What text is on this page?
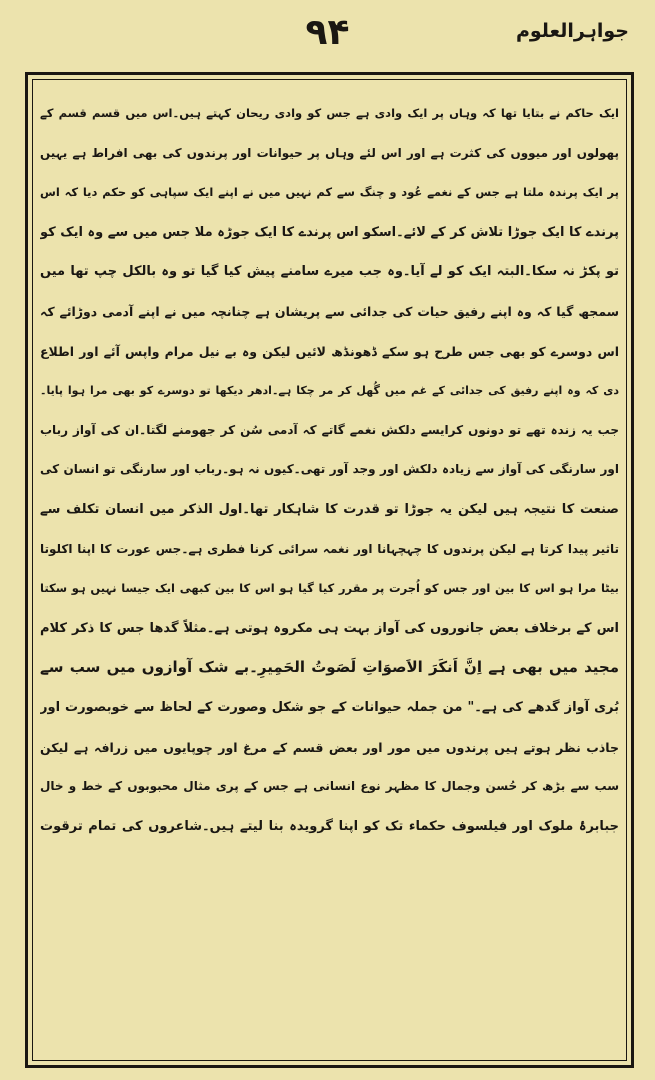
۹۴	جواہرالعلوم
ایک حاکم نے بتایا تھا کہ وہاں پر ایک وادی ہے جس کو وادی ریحان کہتے ہیں۔اس میں قسم قسم کے
پھولوں اور میووں کی کثرت ہے اور اس لئے وہاں پر حیوانات اور پرندوں کی بھی افراط ہے یہیں
پر ایک پرندہ ملتا ہے جس کے نغمے عُود و چنگ سے کم نہیں میں نے اپنے ایک سپاہی کو حکم دیا کہ اس
پرندے کا ایک جوڑا تلاش کر کے لائے۔اسکو اس پرندے کا ایک جوڑہ ملا جس میں سے وہ ایک کو
تو پکڑ نہ سکا۔البتہ ایک کو لے آیا۔وہ جب میرے سامنے پیش کیا گیا تو وہ بالکل چپ تھا میں
سمجھ گیا کہ وہ اپنے رفیق حیات کی جدائی سے پریشان ہے چنانچہ میں نے اپنے آدمی دوڑائے کہ
اس دوسرے کو بھی جس طرح ہو سکے ڈھونڈھ لائیں لیکن وہ بے نیل مرام واپس آئے اور اطلاع
دی کہ وہ اپنے رفیق کی جدائی کے غم میں گُھل کر مر چکا ہے۔ادھر دیکھا تو دوسرے کو بھی مرا ہوا پایا۔
جب یہ زندہ تھے تو دونوں کرایسے دلکش نغمے گاتے کہ آدمی سُن کر جھومنے لگتا۔ان کی آواز رباب
اور سارنگی کی آواز سے زیادہ دلکش اور وجد آور تھی۔کیوں نہ ہو۔رباب اور سارنگی تو انسان کی
صنعت کا نتیجہ ہیں لیکن یہ جوڑا تو قدرت کا شاہکار تھا۔اول الذکر میں انسان تکلف سے
تاثیر پیدا کرتا ہے لیکن پرندوں کا چہچہانا اور نغمہ سرائی کرنا فطری ہے۔جس عورت کا اپنا اکلوتا
بیٹا مرا ہو اس کا بین اور جس کو اُجرت پر مقرر کیا گیا ہو اس کا بین کبھی ایک جیسا نہیں ہو سکتا
اس کے برخلاف بعض جانوروں کی آواز بہت ہی مکروہ ہوتی ہے۔مثلاً گدھا جس کا ذکر کلام
مجید میں بھی ہے اِنَّ اَنکَرَ الاَصوَاتِ لَصَوتُ الحَمِیرِ۔بے شک آوازوں میں سب سے
بُری آواز گدھے کی ہے۔" من جملہ حیوانات کے جو شکل وصورت کے لحاظ سے خوبصورت اور
جاذب نظر ہوتے ہیں پرندوں میں مور اور بعض قسم کے مرغ اور چوپایوں میں زرافہ ہے لیکن
سب سے بڑھ کر حُسن وجمال کا مظہر نوع انسانی ہے جس کے پری مثال محبوبوں کے خط و خال
جبابرۂ ملوک اور فیلسوف حکماء تک کو اپنا گرویدہ بنا لیتے ہیں۔شاعروں کی تمام ترقوت
